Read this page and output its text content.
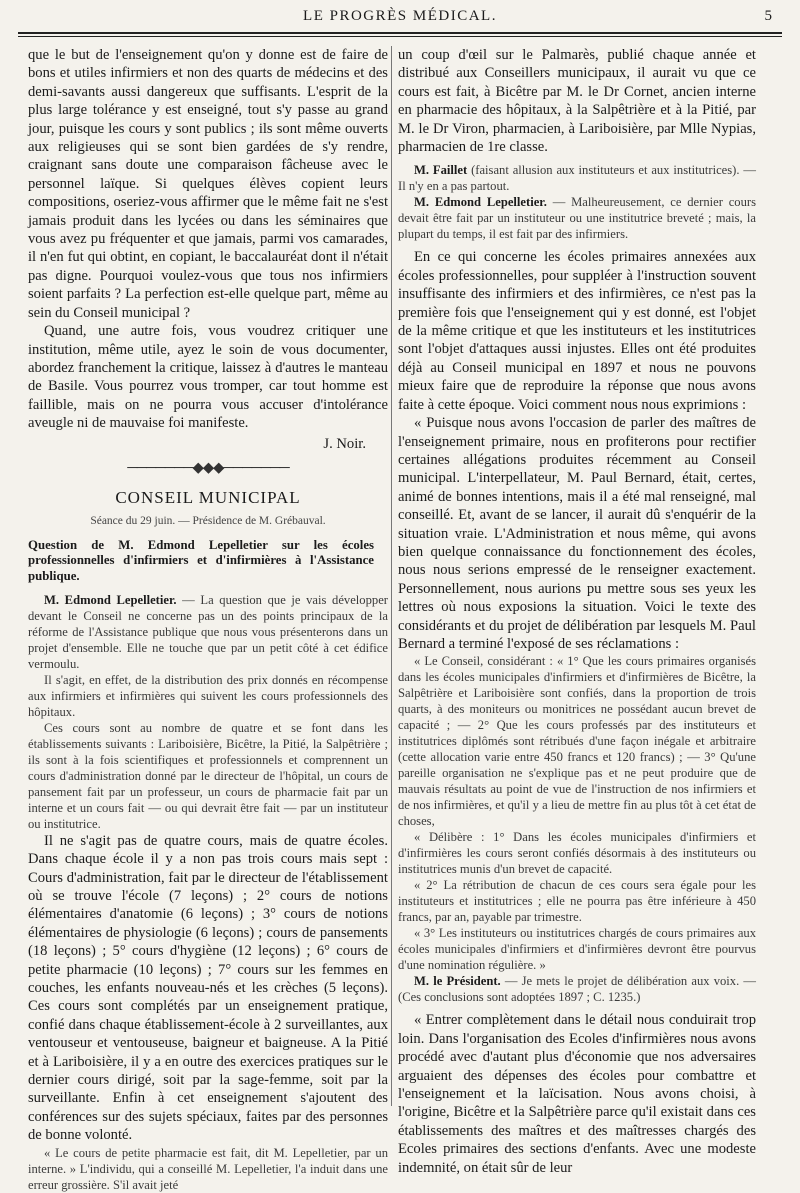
LE PROGRÈS MÉDICAL.	5

que le but de l'enseignement qu'on y donne est de faire de bons et utiles infirmiers et non des quarts de médecins et des demi-savants aussi dangereux que suffisants. L'esprit de la plus large tolérance y est enseigné, tout s'y passe au grand jour, puisque les cours y sont publics ; ils sont même ouverts aux religieuses qui se sont bien gardées de s'y rendre, craignant sans doute une comparaison fâcheuse avec le personnel laïque. Si quelques élèves copient leurs compositions, oseriez-vous affirmer que le même fait ne s'est jamais produit dans les lycées ou dans les séminaires que vous avez pu fréquenter et que jamais, parmi vos camarades, il n'en fut qui obtint, en copiant, le baccalauréat dont il n'était pas digne. Pourquoi voulez-vous que tous nos infirmiers soient parfaits ? La perfection est-elle quelque part, même au sein du Conseil municipal ?

Quand, une autre fois, vous voudrez critiquer une institution, même utile, ayez le soin de vous documenter, abordez franchement la critique, laissez à d'autres le manteau de Basile. Vous pourrez vous tromper, car tout homme est faillible, mais on ne pourra vous accuser d'intolérance aveugle ni de mauvaise foi manifeste.

J. Noir.
───────◆◆◆───────
CONSEIL MUNICIPAL
Séance du 29 juin. — Présidence de M. Grébauval.

Question de M. Edmond Lepelletier sur les écoles professionnelles d'infirmiers et d'infirmières à l'Assistance publique.

M. Edmond Lepelletier. — La question que je vais développer devant le Conseil ne concerne pas un des points principaux de la réforme de l'Assistance publique que nous vous présenterons dans un projet d'ensemble. Elle ne touche que par un petit côté à cet édifice vermoulu.

Il s'agit, en effet, de la distribution des prix donnés en récompense aux infirmiers et infirmières qui suivent les cours professionnels des hôpitaux.

Ces cours sont au nombre de quatre et se font dans les établissements suivants : Lariboisière, Bicêtre, la Pitié, la Salpêtrière ; ils sont à la fois scientifiques et professionnels et comprennent un cours d'administration donné par le directeur de l'hôpital, un cours de pansement fait par un professeur, un cours de pharmacie fait par un interne et un cours fait — ou qui devrait être fait — par un instituteur ou institutrice.

Il ne s'agit pas de quatre cours, mais de quatre écoles. Dans chaque école il y a non pas trois cours mais sept : Cours d'administration, fait par le directeur de l'établissement où se trouve l'école (7 leçons) ; 2° cours de notions élémentaires d'anatomie (6 leçons) ; 3° cours de notions élémentaires de physiologie (6 leçons) ; cours de pansements (18 leçons) ; 5° cours d'hygiène (12 leçons) ; 6° cours de petite pharmacie (10 leçons) ; 7° cours sur les femmes en couches, les enfants nouveau-nés et les crèches (5 leçons). Ces cours sont complétés par un enseignement pratique, confié dans chaque établissement-école à 2 surveillantes, aux ventouseur et ventouseuse, baigneur et baigneuse. A la Pitié et à Lariboisière, il y a en outre des exercices pratiques sur le dernier cours dirigé, soit par la sage-femme, soit par la surveillante. Enfin à cet enseignement s'ajoutent des conférences sur des sujets spéciaux, faites par des personnes de bonne volonté.

« Le cours de petite pharmacie est fait, dit M. Lepelletier, par un interne. » L'individu, qui a conseillé M. Lepelletier, l'a induit dans une erreur grossière. S'il avait jeté

un coup d'œil sur le Palmarès, publié chaque année et distribué aux Conseillers municipaux, il aurait vu que ce cours est fait, à Bicêtre par M. le Dr Cornet, ancien interne en pharmacie des hôpitaux, à la Salpêtrière et à la Pitié, par M. le Dr Viron, pharmacien, à Lariboisière, par Mlle Nypias, pharmacien de 1re classe.

M. Faillet (faisant allusion aux instituteurs et aux institutrices). — Il n'y en a pas partout.

M. Edmond Lepelletier. — Malheureusement, ce dernier cours devait être fait par un instituteur ou une institutrice breveté ; mais, la plupart du temps, il est fait par des infirmiers.

En ce qui concerne les écoles primaires annexées aux écoles professionnelles, pour suppléer à l'instruction souvent insuffisante des infirmiers et des infirmières, ce n'est pas la première fois que l'enseignement qui y est donné, est l'objet de la même critique et que les instituteurs et les institutrices sont l'objet d'attaques aussi injustes. Elles ont été produites déjà au Conseil municipal en 1897 et nous ne pouvons mieux faire que de reproduire la réponse que nous avons faite à cette époque. Voici comment nous nous exprimions :

« Puisque nous avons l'occasion de parler des maîtres de l'enseignement primaire, nous en profiterons pour rectifier certaines allégations produites récemment au Conseil municipal. L'interpellateur, M. Paul Bernard, était, certes, animé de bonnes intentions, mais il a été mal renseigné, mal conseillé. Et, avant de se lancer, il aurait dû s'enquérir de la situation vraie. L'Administration et nous même, qui avons bien quelque connaissance du fonctionnement des écoles, nous nous serions empressé de le renseigner exactement. Personnellement, nous aurions pu mettre sous ses yeux les lettres où nous exposions la situation. Voici le texte des considérants et du projet de délibération par lesquels M. Paul Bernard a terminé l'exposé de ses réclamations :

« Le Conseil, considérant : « 1° Que les cours primaires organisés dans les écoles municipales d'infirmiers et d'infirmières de Bicêtre, la Salpêtrière et Lariboisière sont confiés, dans la proportion de trois quarts, à des moniteurs ou monitrices ne possédant aucun brevet de capacité ; — 2° Que les cours professés par des instituteurs et institutrices diplômés sont rétribués d'une façon inégale et arbitraire (cette allocation varie entre 450 francs et 120 francs) ; — 3° Qu'une pareille organisation ne s'explique pas et ne peut produire que de mauvais résultats au point de vue de l'instruction de nos infirmiers et de nos infirmières, et qu'il y a lieu de mettre fin au plus tôt à cet état de choses,

« Délibère : 1° Dans les écoles municipales d'infirmiers et d'infirmières les cours seront confiés désormais à des instituteurs ou institutrices munis d'un brevet de capacité.

« 2° La rétribution de chacun de ces cours sera égale pour les instituteurs et institutrices ; elle ne pourra pas être inférieure à 450 francs, par an, payable par trimestre.

« 3° Les instituteurs ou institutrices chargés de cours primaires aux écoles municipales d'infirmiers et d'infirmières devront être pourvus d'une nomination régulière. »

M. le Président. — Je mets le projet de délibération aux voix. — (Ces conclusions sont adoptées 1897 ; C. 1235.)

« Entrer complètement dans le détail nous conduirait trop loin. Dans l'organisation des Ecoles d'infirmières nous avons procédé avec d'autant plus d'économie que nos adversaires arguaient des dépenses des écoles pour combattre et l'enseignement et la laïcisation. Nous avons choisi, à l'origine, Bicêtre et la Salpêtrière parce qu'il existait dans ces établissements des maîtres et des maîtresses chargés des Ecoles primaires des sections d'enfants. Avec une modeste indemnité, on était sûr de leur
